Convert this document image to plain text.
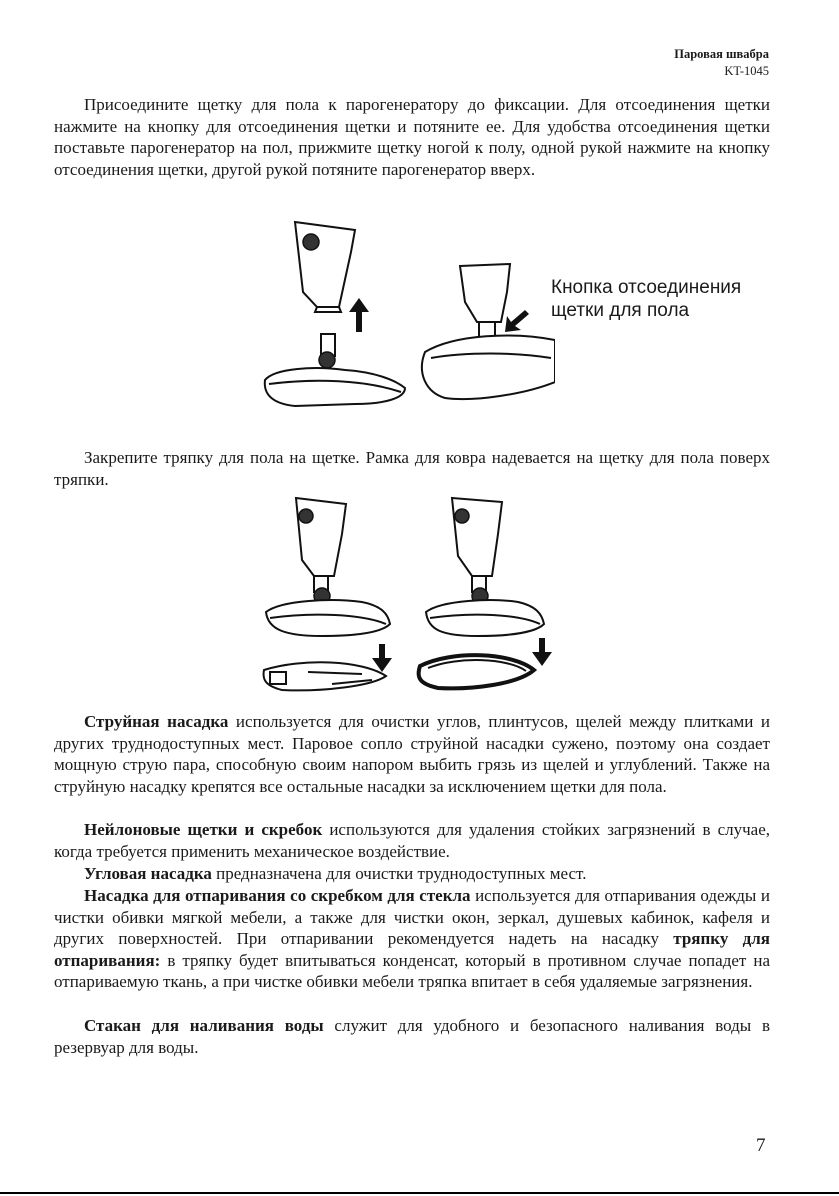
Паровая швабра
KT-1045

Присоедините щетку для пола к парогенератору до фиксации. Для отсоединения щетки нажмите на кнопку для отсоединения щетки и потяните ее. Для удобства отсоединения щетки поставьте парогенератор на пол, прижмите щетку ногой к полу, одной рукой нажмите на кнопку отсоединения щетки, другой рукой потяните парогенератор вверх.

Кнопка отсоединения
щетки для пола

Закрепите тряпку для пола на щетке. Рамка для ковра надевается на щетку для пола поверх тряпки.

Струйная насадка используется для очистки углов, плинтусов, щелей между плитками и других труднодоступных мест. Паровое сопло струйной насадки сужено, поэтому она создает мощную струю пара, способную своим напором выбить грязь из щелей и углублений. Также на струйную насадку крепятся все остальные насадки за исключением щетки для пола.

Нейлоновые щетки и скребок используются для удаления стойких загрязнений в случае, когда требуется применить механическое воздействие.

Угловая насадка предназначена для очистки труднодоступных мест.

Насадка для отпаривания со скребком для стекла используется для отпаривания одежды и чистки обивки мягкой мебели, а также для чистки окон, зеркал, душевых кабинок, кафеля и других поверхностей. При отпаривании рекомендуется надеть на насадку тряпку для отпаривания: в тряпку будет впитываться конденсат, который в противном случае попадет на отпариваемую ткань, а при чистке обивки мебели тряпка впитает в себя удаляемые загрязнения.

Стакан для наливания воды служит для удобного и безопасного наливания воды в резервуар для воды.

7
